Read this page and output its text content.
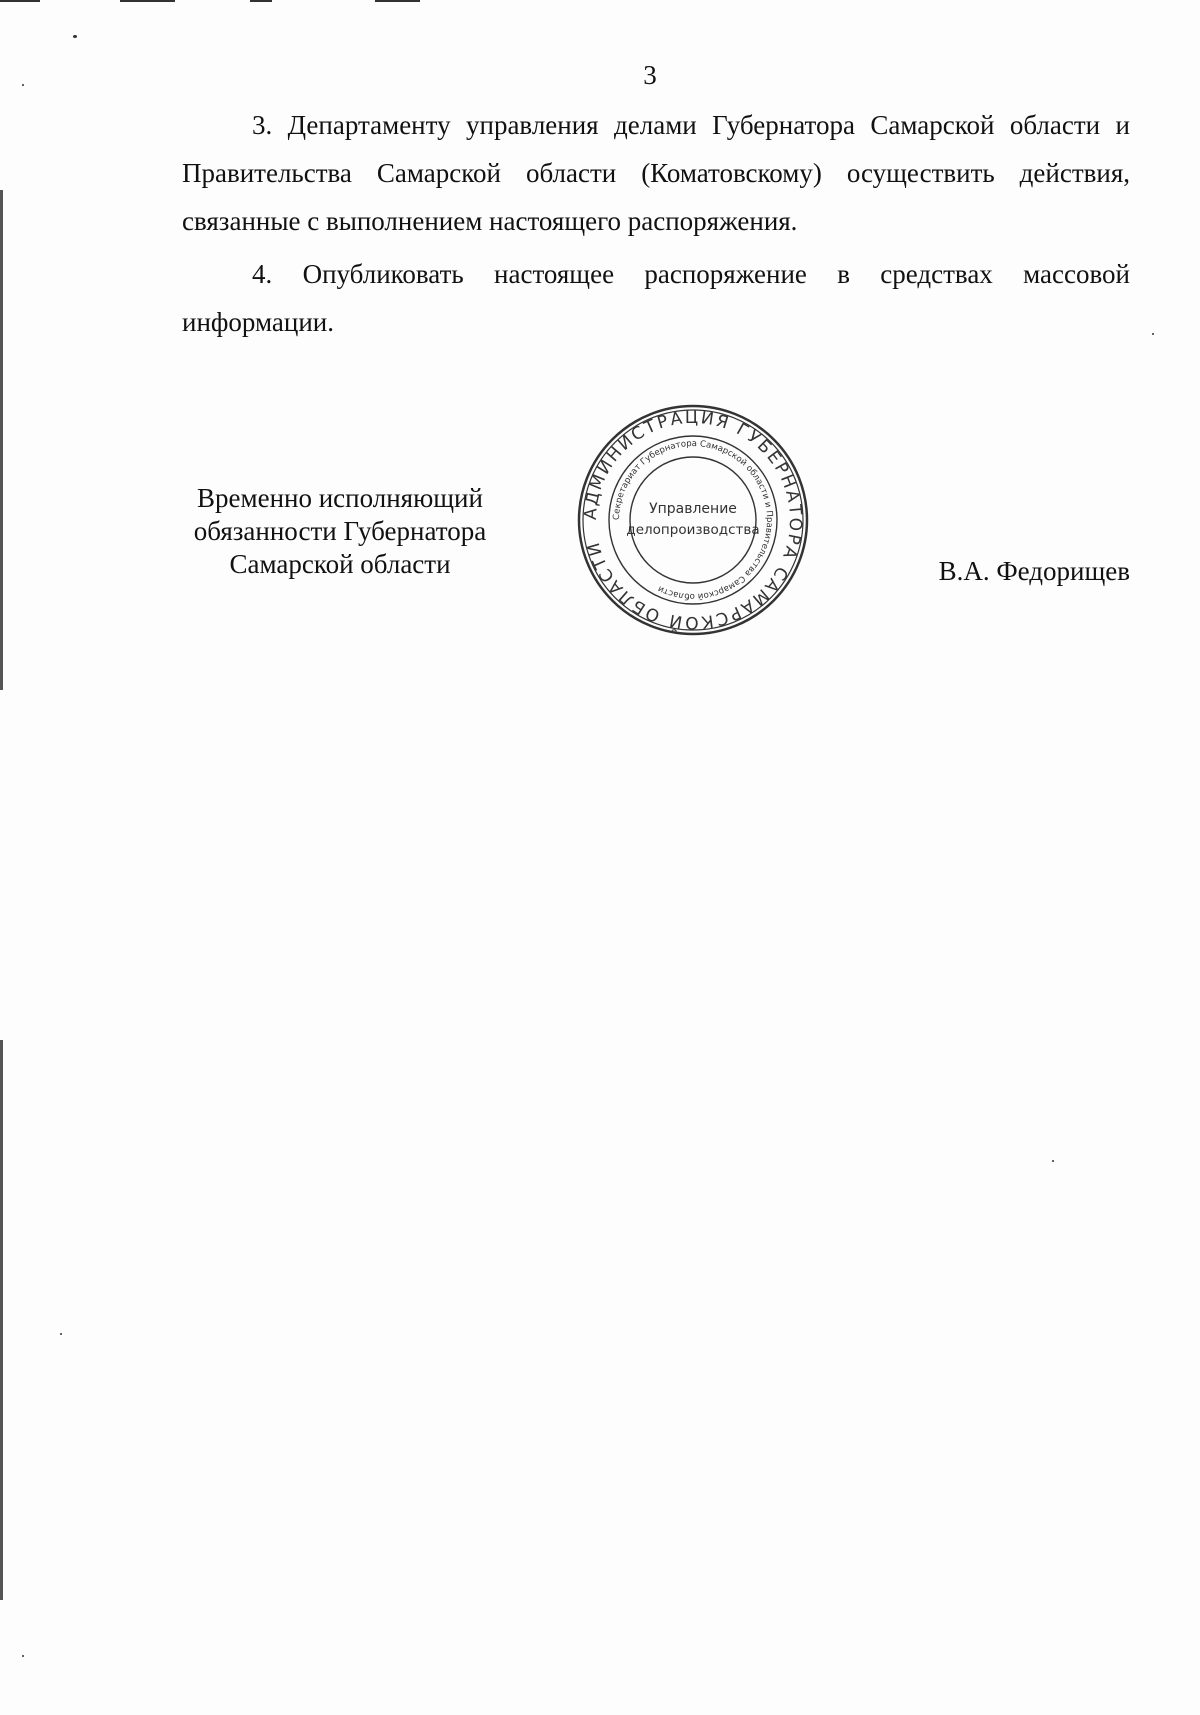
3

3. Департаменту управления делами Губернатора Самарской области и Правительства Самарской области (Коматовскому) осуществить действия, связанные с выполнением настоящего распоряжения.

4. Опубликовать настоящее распоряжение в средствах массовой информации.

Временно исполняющий
обязанности Губернатора
Самарской области
АДМИНИСТРАЦИЯ ГУБЕРНАТОРА САМАРСКОЙ ОБЛАСТИ
Секретариат Губернатора Самарской области и Правительства Самарской области
Управление
делопроизводства
В.А. Федорищев
